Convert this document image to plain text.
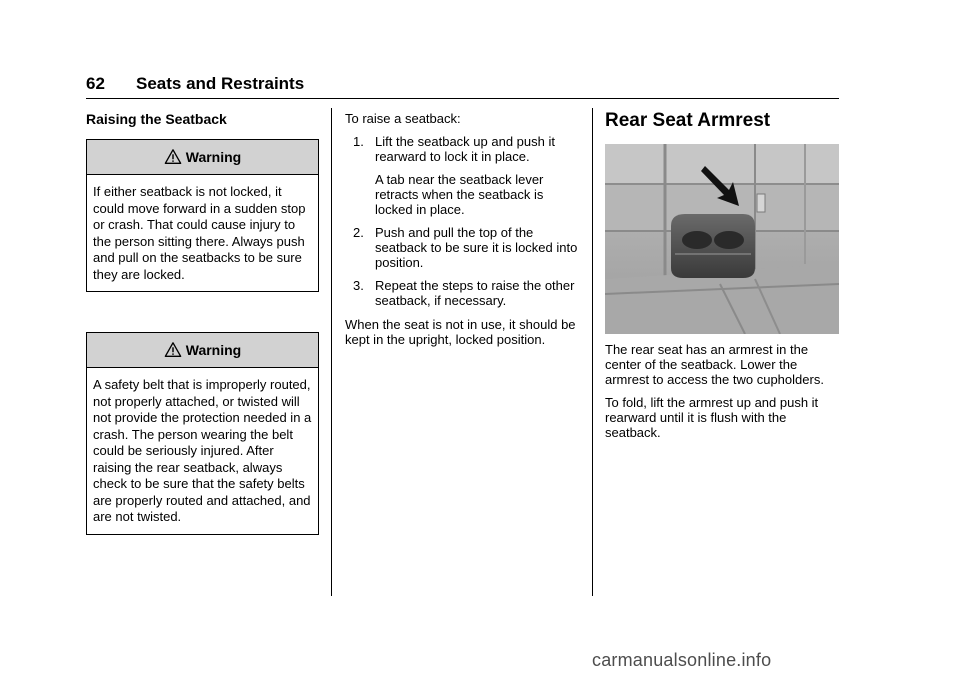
62 Seats and Restraints
Raising the Seatback
Warning
If either seatback is not locked, it could move forward in a sudden stop or crash. That could cause injury to the person sitting there. Always push and pull on the seatbacks to be sure they are locked.
Warning
A safety belt that is improperly routed, not properly attached, or twisted will not provide the protection needed in a crash. The person wearing the belt could be seriously injured. After raising the rear seatback, always check to be sure that the safety belts are properly routed and attached, and are not twisted.

To raise a seatback:

1. Lift the seatback up and push it rearward to lock it in place.

A tab near the seatback lever retracts when the seatback is locked in place.

2. Push and pull the top of the seatback to be sure it is locked into position.

3. Repeat the steps to raise the other seatback, if necessary.

When the seat is not in use, it should be kept in the upright, locked position.

Rear Seat Armrest

The rear seat has an armrest in the center of the seatback. Lower the armrest to access the two cupholders.

To fold, lift the armrest up and push it rearward until it is flush with the seatback.

carmanualsonline.info
